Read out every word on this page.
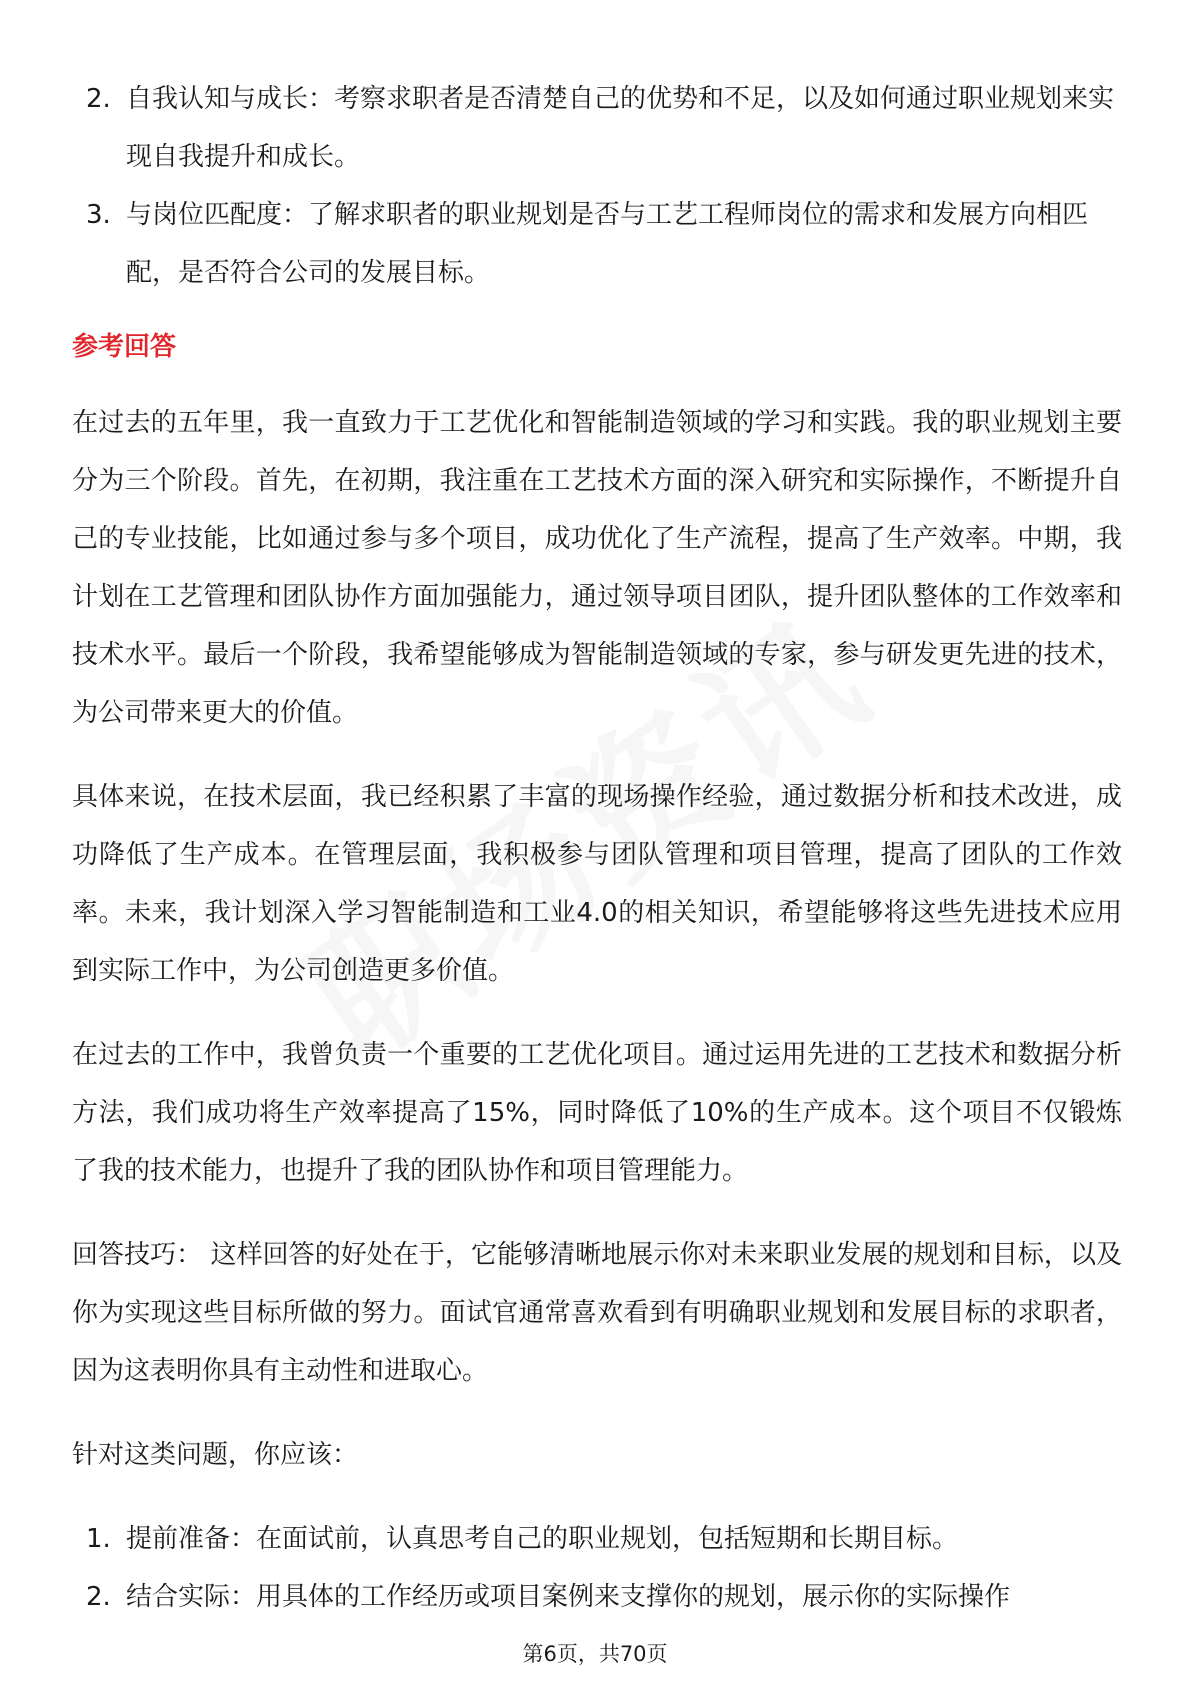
2. 自我认知与成长：考察求职者是否清楚自己的优势和不足，以及如何通过职业规划来实现自我提升和成长。
3. 与岗位匹配度：了解求职者的职业规划是否与工艺工程师岗位的需求和发展方向相匹配，是否符合公司的发展目标。
参考回答

在过去的五年里，我一直致力于工艺优化和智能制造领域的学习和实践。我的职业规划主要分为三个阶段。首先，在初期，我注重在工艺技术方面的深入研究和实际操作，不断提升自己的专业技能，比如通过参与多个项目，成功优化了生产流程，提高了生产效率。中期，我计划在工艺管理和团队协作方面加强能力，通过领导项目团队，提升团队整体的工作效率和技术水平。最后一个阶段，我希望能够成为智能制造领域的专家，参与研发更先进的技术，为公司带来更大的价值。

具体来说，在技术层面，我已经积累了丰富的现场操作经验，通过数据分析和技术改进，成功降低了生产成本。在管理层面，我积极参与团队管理和项目管理，提高了团队的工作效率。未来，我计划深入学习智能制造和工业4.0的相关知识，希望能够将这些先进技术应用到实际工作中，为公司创造更多价值。

在过去的工作中，我曾负责一个重要的工艺优化项目。通过运用先进的工艺技术和数据分析方法，我们成功将生产效率提高了15%，同时降低了10%的生产成本。这个项目不仅锻炼了我的技术能力，也提升了我的团队协作和项目管理能力。

回答技巧： 这样回答的好处在于，它能够清晰地展示你对未来职业发展的规划和目标，以及你为实现这些目标所做的努力。面试官通常喜欢看到有明确职业规划和发展目标的求职者，因为这表明你具有主动性和进取心。

针对这类问题，你应该：

1. 提前准备：在面试前，认真思考自己的职业规划，包括短期和长期目标。
2. 结合实际：用具体的工作经历或项目案例来支撑你的规划，展示你的实际操作
第6页，共70页
